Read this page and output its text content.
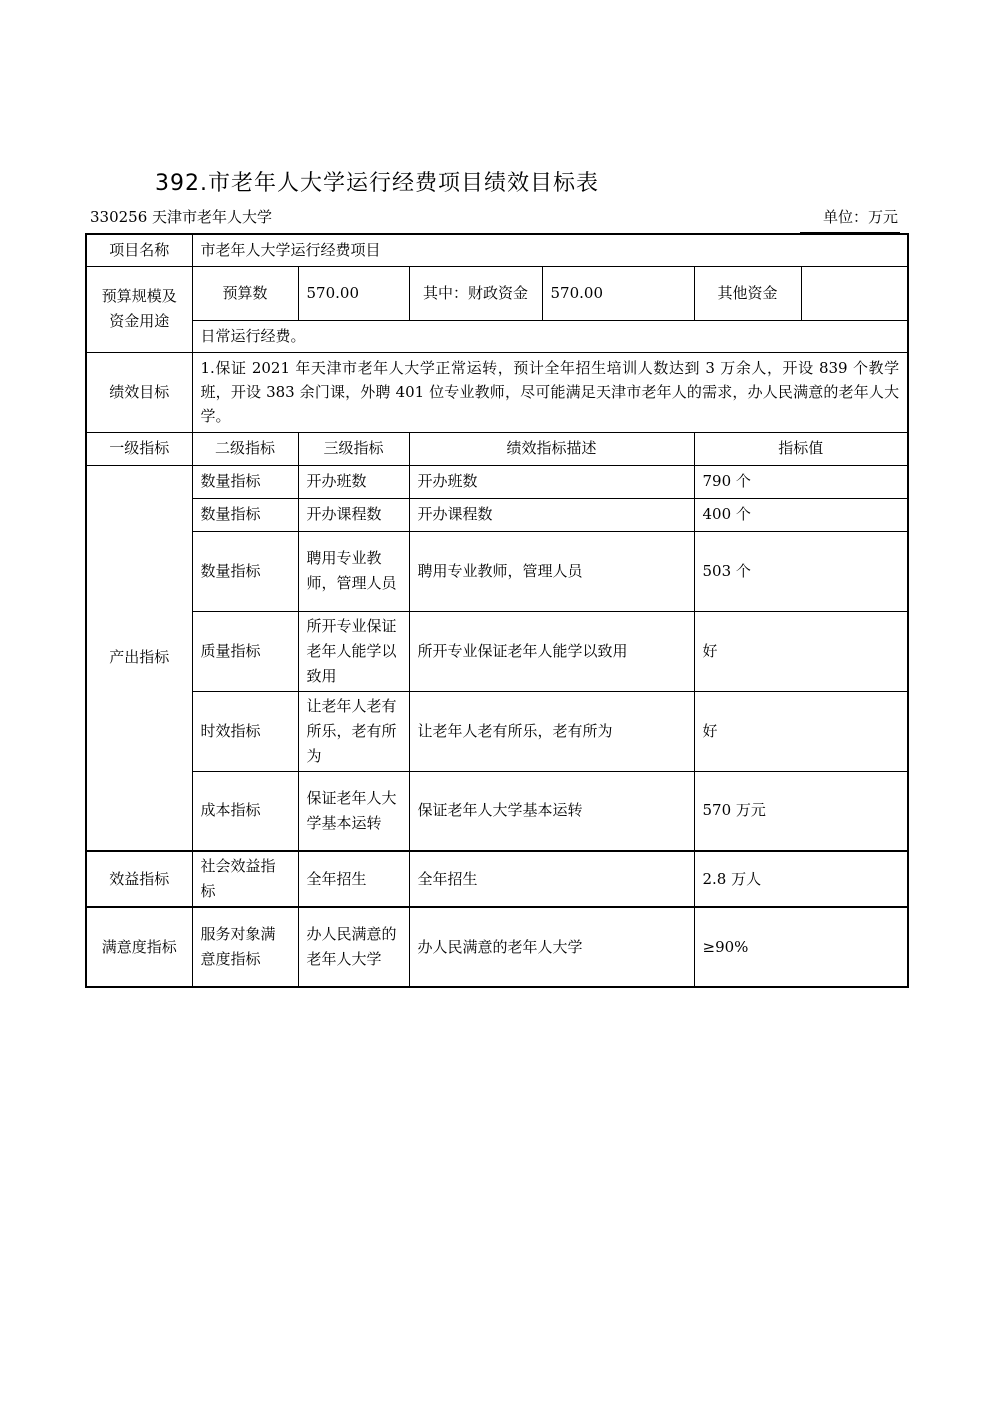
392.市老年人大学运行经费项目绩效目标表
330256 天津市老年人大学	单位：万元
项目名称	市老年人大学运行经费项目					
预算规模及资金用途	预算数	570.00	其中：财政资金	570.00	其他资金	
	日常运行经费。					
绩效目标	1.保证 2021 年天津市老年人大学正常运转，预计全年招生培训人数达到 3 万余人，开设 839 个教学班，开设 383 余门课，外聘 401 位专业教师，尽可能满足天津市老年人的需求，办人民满意的老年人大学。					
一级指标	二级指标	三级指标	绩效指标描述		指标值	
产出指标	数量指标	开办班数	开办班数		790 个	
	数量指标	开办课程数	开办课程数		400 个	
	数量指标	聘用专业教师，管理人员	聘用专业教师，管理人员		503 个	
	质量指标	所开专业保证老年人能学以致用	所开专业保证老年人能学以致用		好	
	时效指标	让老年人老有所乐，老有所为	让老年人老有所乐，老有所为		好	
	成本指标	保证老年人大学基本运转	保证老年人大学基本运转		570 万元	
效益指标	社会效益指标	全年招生	全年招生		2.8 万人	
满意度指标	服务对象满意度指标	办人民满意的老年人大学	办人民满意的老年人大学		≥90%	
